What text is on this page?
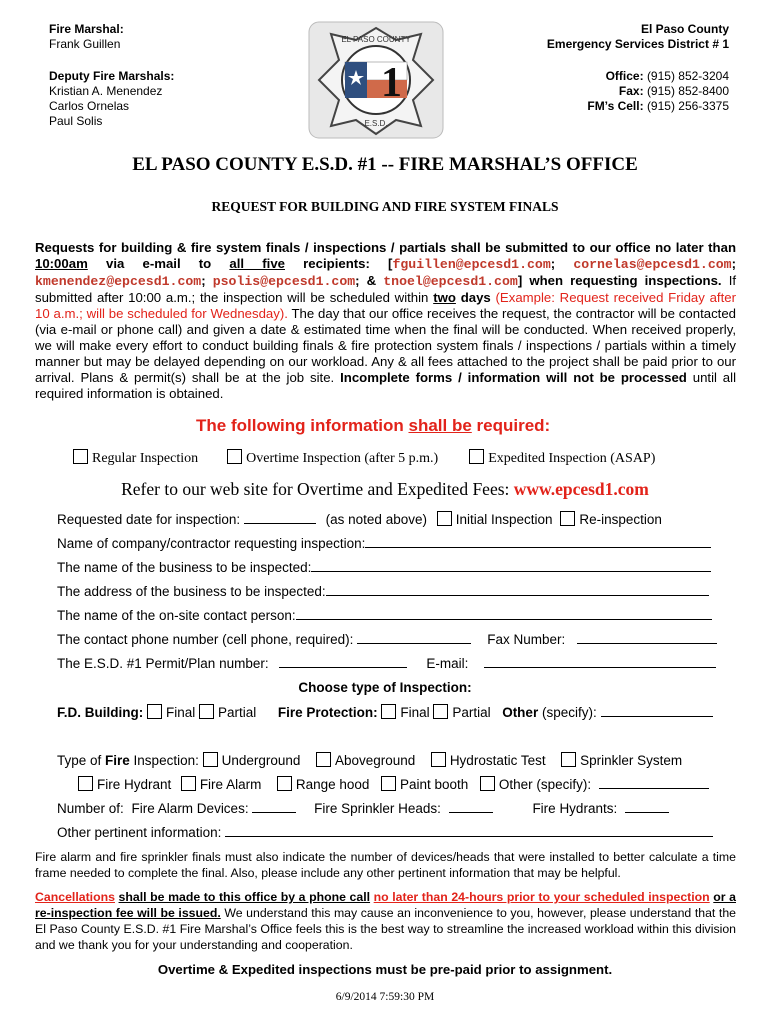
Fire Marshal:
Frank Guillen
Deputy Fire Marshals:
Kristian A. Menendez
Carlos Ornelas
Paul Solis
1
EL PASO COUNTY
E.S.D.
El Paso County
Emergency Services District # 1
Office: (915) 852-3204
Fax: (915) 852-8400
FM’s Cell: (915) 256-3375
EL PASO COUNTY E.S.D. #1 -- FIRE MARSHAL’S OFFICE
REQUEST FOR BUILDING AND FIRE SYSTEM FINALS
Requests for building & fire system finals / inspections / partials shall be submitted to our office no later than 10:00am via e-mail to all five recipients: [fguillen@epcesd1.com; cornelas@epcesd1.com; kmenendez@epcesd1.com; psolis@epcesd1.com; & tnoel@epcesd1.com] when requesting inspections. If submitted after 10:00 a.m.; the inspection will be scheduled within two days (Example: Request received Friday after 10 a.m.; will be scheduled for Wednesday). The day that our office receives the request, the contractor will be contacted (via e-mail or phone call) and given a date & estimated time when the final will be conducted. When received properly, we will make every effort to conduct building finals & fire protection system finals / inspections / partials within a timely manner but may be delayed depending on our workload. Any & all fees attached to the project shall be paid prior to our arrival. Plans & permit(s) shall be at the job site. Incomplete forms / information will not be processed until all required information is obtained.
The following information shall be required:
Regular Inspection	Overtime Inspection (after 5 p.m.)	Expedited Inspection (ASAP)
Refer to our web site for Overtime and Expedited Fees: www.epcesd1.com
Requested date for inspection:	(as noted above) Initial Inspection Re-inspection
Name of company/contractor requesting inspection:
The name of the business to be inspected:
The address of the business to be inspected:
The name of the on-site contact person:
The contact phone number (cell phone, required):	Fax Number:
The E.S.D. #1 Permit/Plan number:	E-mail:
Choose type of Inspection:
F.D. Building: Final Partial Fire Protection: Final Partial Other (specify):
Type of Fire Inspection: Underground	Aboveground	Hydrostatic Test	Sprinkler System
Fire Hydrant Fire Alarm	Range hood Paint booth Other (specify):
Number of: Fire Alarm Devices:	Fire Sprinkler Heads:	Fire Hydrants:
Other pertinent information:
Fire alarm and fire sprinkler finals must also indicate the number of devices/heads that were installed to better calculate a time frame needed to complete the final. Also, please include any other pertinent information that may be helpful.
Cancellations shall be made to this office by a phone call no later than 24-hours prior to your scheduled inspection or a re-inspection fee will be issued. We understand this may cause an inconvenience to you, however, please understand that the El Paso County E.S.D. #1 Fire Marshal’s Office feels this is the best way to streamline the increased workload within this division and we thank you for your understanding and cooperation.
Overtime & Expedited inspections must be pre-paid prior to assignment.
6/9/2014 7:59:30 PM
